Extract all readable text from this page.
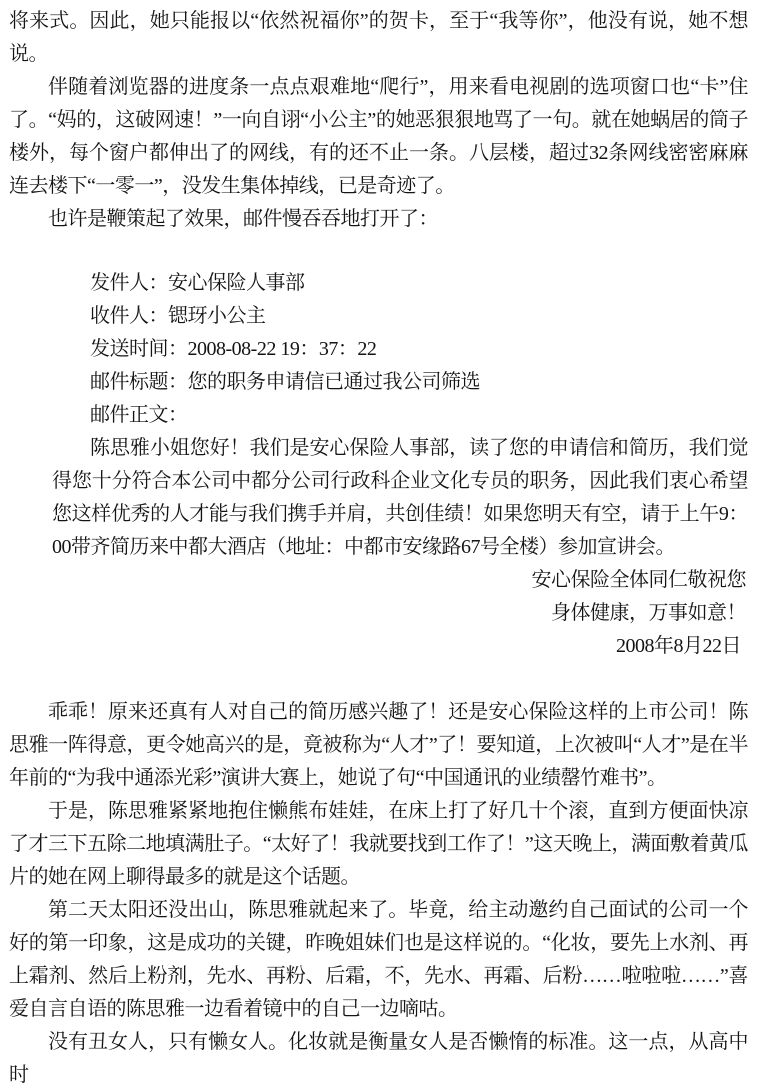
将来式。因此，她只能报以“依然祝福你”的贺卡，至于“我等你”，他没有说，她不想说。

伴随着浏览器的进度条一点点艰难地“爬行”，用来看电视剧的选项窗口也“卡”住了。“妈的，这破网速！”一向自诩“小公主”的她恶狠狠地骂了一句。就在她蜗居的筒子楼外，每个窗户都伸出了的网线，有的还不止一条。八层楼，超过32条网线密密麻麻连去楼下“一零一”，没发生集体掉线，已是奇迹了。

也许是鞭策起了效果，邮件慢吞吞地打开了：

发件人：安心保险人事部

收件人：锶玡小公主

发送时间：2008-08-22 19：37：22

邮件标题：您的职务申请信已通过我公司筛选

邮件正文：

陈思雅小姐您好！我们是安心保险人事部，读了您的申请信和简历，我们觉得您十分符合本公司中都分公司行政科企业文化专员的职务，因此我们衷心希望您这样优秀的人才能与我们携手并肩，共创佳绩！如果您明天有空，请于上午9：00带齐简历来中都大酒店（地址：中都市安缘路67号全楼）参加宣讲会。

安心保险全体同仁敬祝您

身体健康，万事如意！

2008年8月22日

乖乖！原来还真有人对自己的简历感兴趣了！还是安心保险这样的上市公司！陈思雅一阵得意，更令她高兴的是，竟被称为“人才”了！要知道，上次被叫“人才”是在半年前的“为我中通添光彩”演讲大赛上，她说了句“中国通讯的业绩罄竹难书”。

于是，陈思雅紧紧地抱住懒熊布娃娃，在床上打了好几十个滚，直到方便面快凉了才三下五除二地填满肚子。“太好了！我就要找到工作了！”这天晚上，满面敷着黄瓜片的她在网上聊得最多的就是这个话题。

第二天太阳还没出山，陈思雅就起来了。毕竟，给主动邀约自己面试的公司一个好的第一印象，这是成功的关键，昨晚姐妹们也是这样说的。“化妆，要先上水剂、再上霜剂、然后上粉剂，先水、再粉、后霜，不，先水、再霜、后粉……啦啦啦……”喜爱自言自语的陈思雅一边看着镜中的自己一边嘀咕。

没有丑女人，只有懒女人。化妆就是衡量女人是否懒惰的标准。这一点，从高中时
